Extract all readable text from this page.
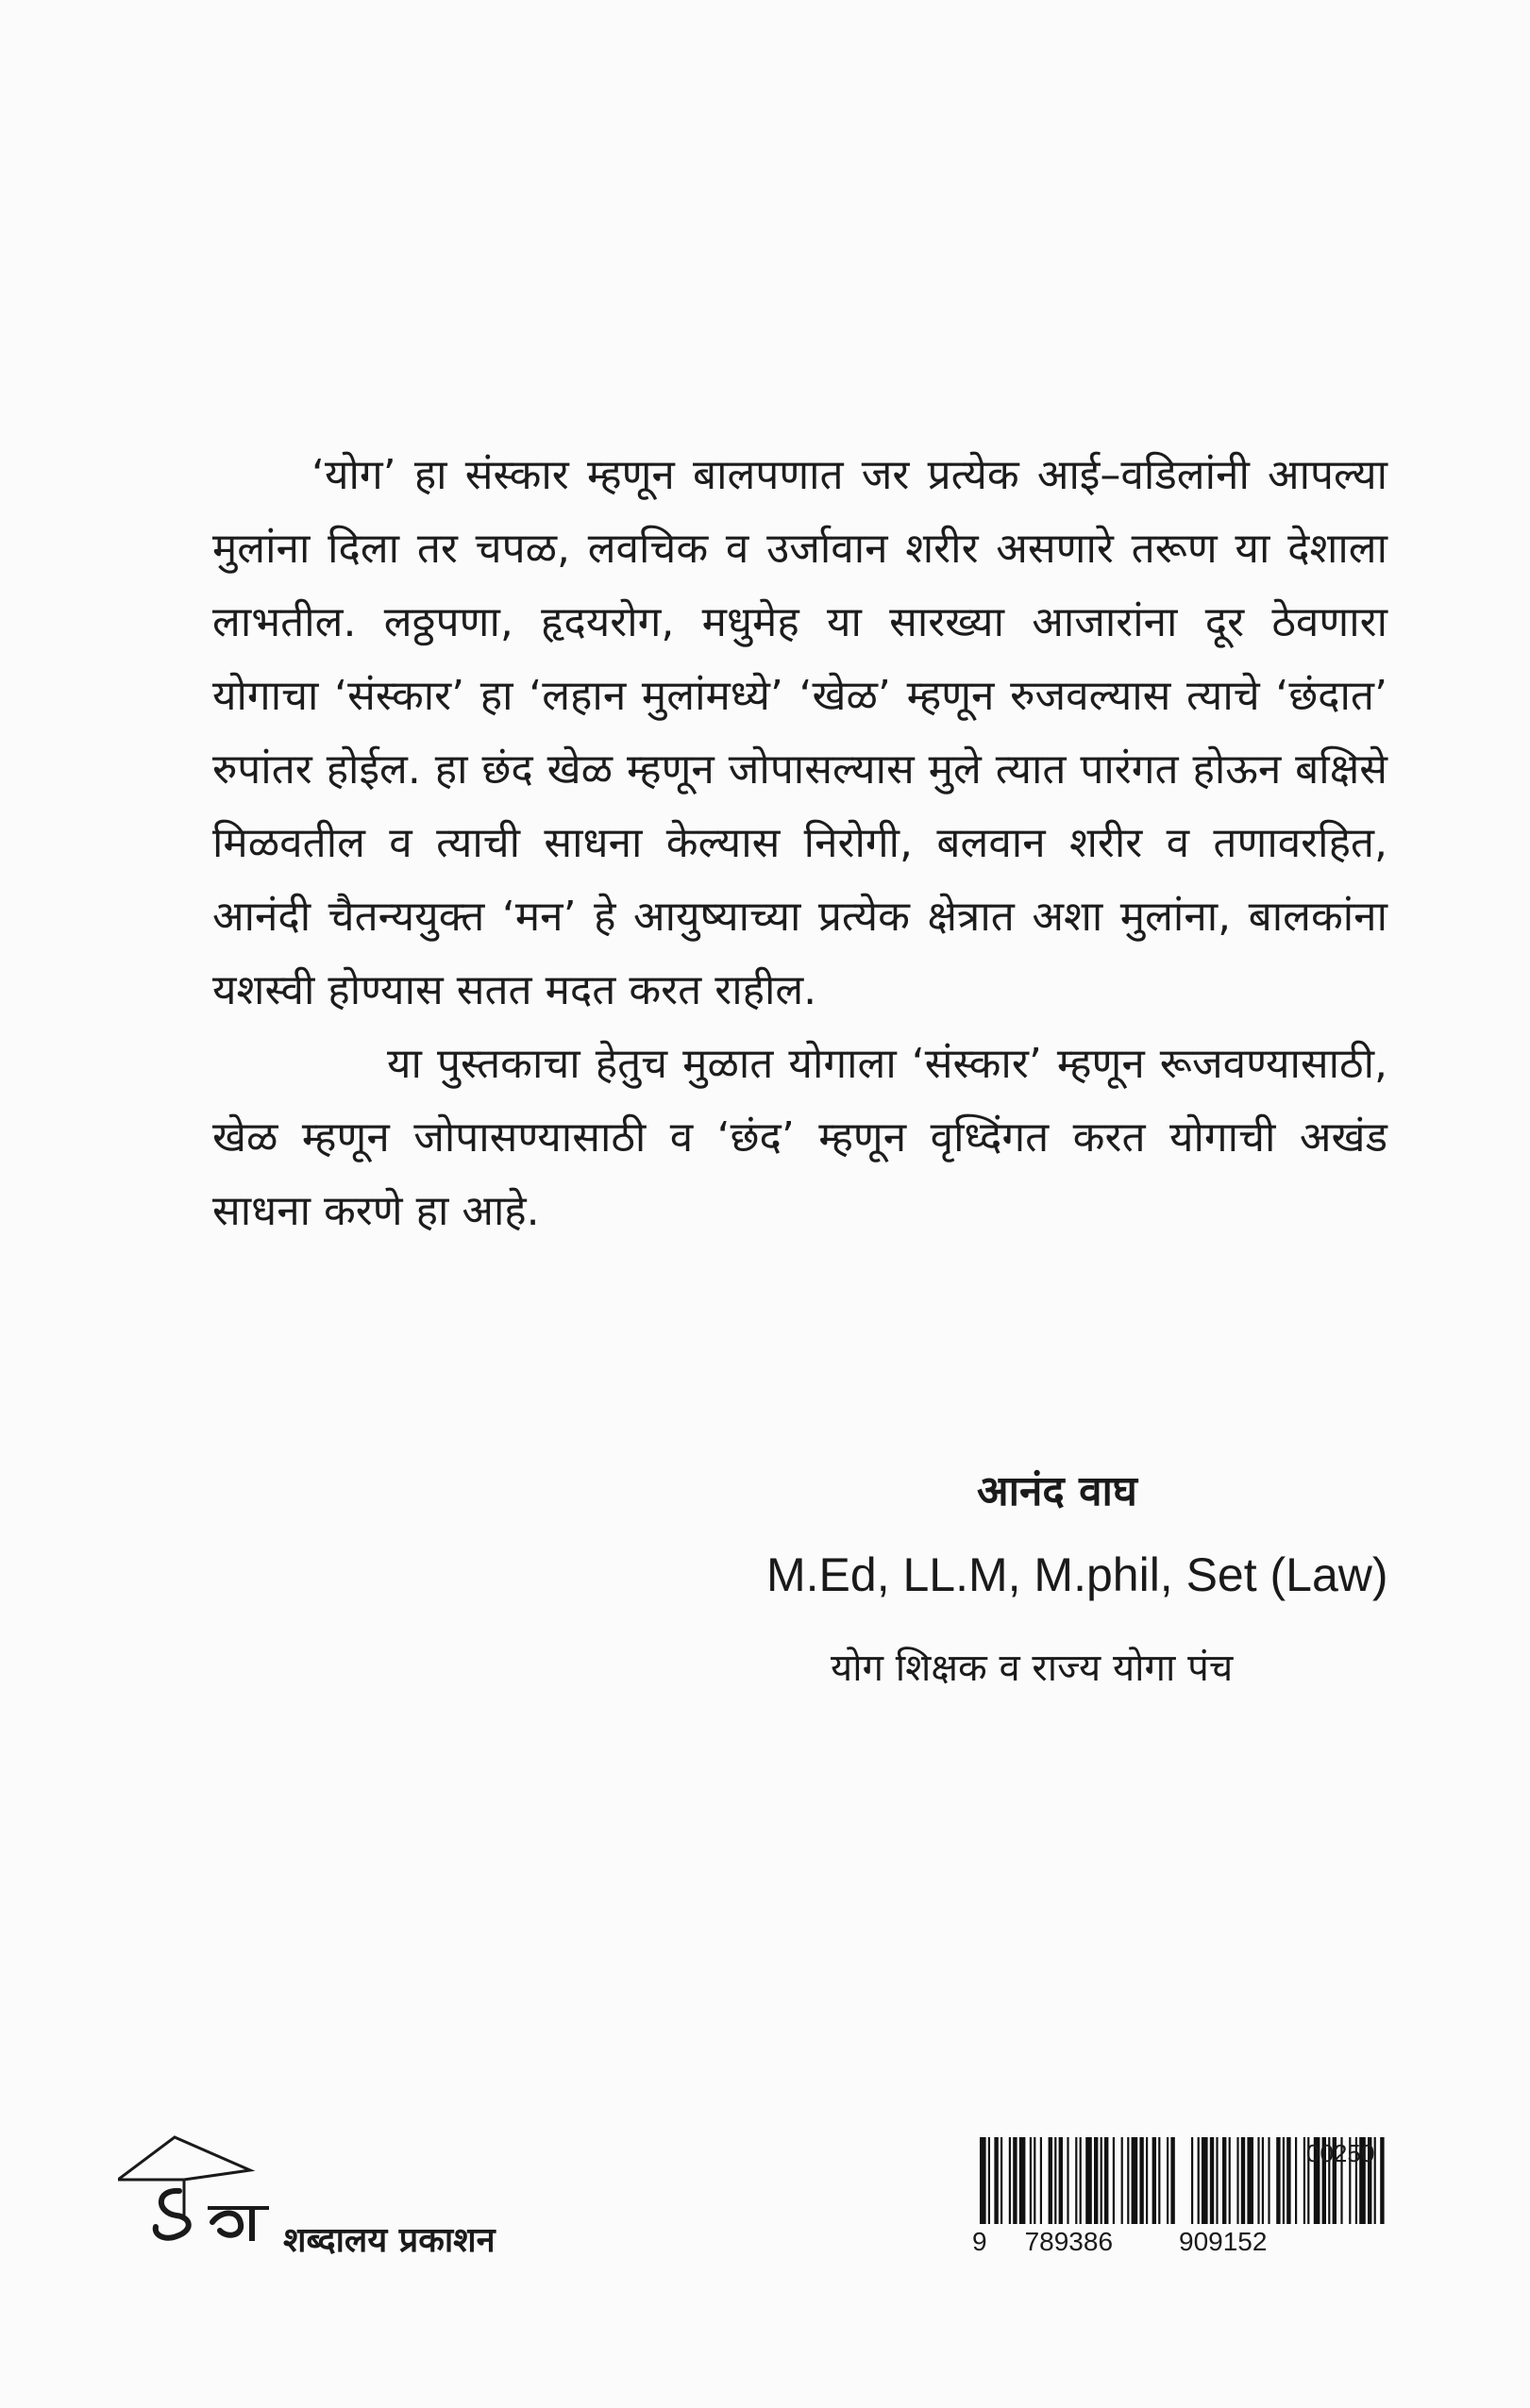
‘योग’ हा संस्कार म्हणून बालपणात जर प्रत्येक आई–वडिलांनी आपल्या मुलांना दिला तर चपळ, लवचिक व उर्जावान शरीर असणारे तरूण या देशाला लाभतील. लठ्ठपणा, हृदयरोग, मधुमेह या सारख्या आजारांना दूर ठेवणारा योगाचा ‘संस्कार’ हा ‘लहान मुलांमध्ये’ ‘खेळ’ म्हणून रुजवल्यास त्याचे ‘छंदात’ रुपांतर होईल. हा छंद खेळ म्हणून जोपासल्यास मुले त्यात पारंगत होऊन बक्षिसे मिळवतील व त्याची साधना केल्यास निरोगी, बलवान शरीर व तणावरहित, आनंदी चैतन्ययुक्त ‘मन’ हे आयुष्याच्या प्रत्येक क्षेत्रात अशा मुलांना, बालकांना यशस्वी होण्यास सतत मदत करत राहील.

या पुस्तकाचा हेतुच मुळात योगाला ‘संस्कार’ म्हणून रूजवण्यासाठी, खेळ म्हणून जोपासण्यासाठी व ‘छंद’ म्हणून वृध्दिंगत करत योगाची अखंड साधना करणे हा आहे.

आनंद वाघ
M.Ed, LL.M, M.phil, Set (Law)
योग शिक्षक व राज्य योगा पंच
शब्दालय प्रकाशन
00250
9 789386	909152
